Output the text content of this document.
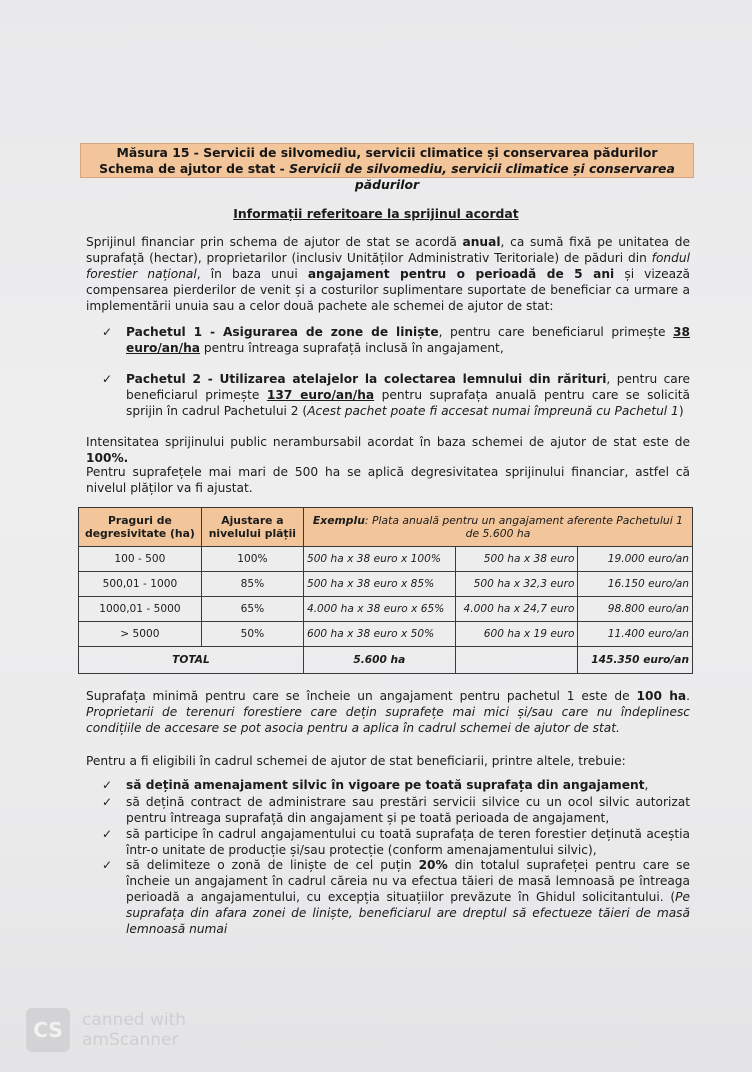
Măsura 15 - Servicii de silvomediu, servicii climatice și conservarea pădurilor
Schema de ajutor de stat - Servicii de silvomediu, servicii climatice și conservarea pădurilor
Informații referitoare la sprijinul acordat
Sprijinul financiar prin schema de ajutor de stat se acordă anual, ca sumă fixă pe unitatea de suprafață (hectar), proprietarilor (inclusiv Unităților Administrativ Teritoriale) de păduri din fondul forestier național, în baza unui angajament pentru o perioadă de 5 ani și vizează compensarea pierderilor de venit și a costurilor suplimentare suportate de beneficiar ca urmare a implementării unuia sau a celor două pachete ale schemei de ajutor de stat:
✓	Pachetul 1 - Asigurarea de zone de liniște, pentru care beneficiarul primește 38 euro/an/ha pentru întreaga suprafață inclusă în angajament,
✓	Pachetul 2 - Utilizarea atelajelor la colectarea lemnului din rărituri, pentru care beneficiarul primește 137 euro/an/ha pentru suprafața anuală pentru care se solicită sprijin în cadrul Pachetului 2 (Acest pachet poate fi accesat numai împreună cu Pachetul 1)
Intensitatea sprijinului public nerambursabil acordat în baza schemei de ajutor de stat este de 100%.
Pentru suprafețele mai mari de 500 ha se aplică degresivitatea sprijinului financiar, astfel că nivelul plăților va fi ajustat.
Praguri de degresivitate (ha)	Ajustare a nivelului plății	Exemplu: Plata anuală pentru un angajament aferente Pachetului 1 de 5.600 ha		
100 - 500	100%	500 ha x 38 euro x 100%	500 ha x 38 euro	19.000 euro/an
500,01 - 1000	85%	500 ha x 38 euro x 85%	500 ha x 32,3 euro	16.150 euro/an
1000,01 - 5000	65%	4.000 ha x 38 euro x 65%	4.000 ha x 24,7 euro	98.800 euro/an
> 5000	50%	600 ha x 38 euro x 50%	600 ha x 19 euro	11.400 euro/an
TOTAL		5.600 ha		145.350 euro/an
Suprafața minimă pentru care se încheie un angajament pentru pachetul 1 este de 100 ha. Proprietarii de terenuri forestiere care dețin suprafețe mai mici și/sau care nu îndeplinesc condițiile de accesare se pot asocia pentru a aplica în cadrul schemei de ajutor de stat.
Pentru a fi eligibili în cadrul schemei de ajutor de stat beneficiarii, printre altele, trebuie:
✓	să dețină amenajament silvic în vigoare pe toată suprafața din angajament,
✓	să dețină contract de administrare sau prestări servicii silvice cu un ocol silvic autorizat pentru întreaga suprafață din angajament și pe toată perioada de angajament,
✓	să participe în cadrul angajamentului cu toată suprafața de teren forestier deținută aceștia într-o unitate de producție și/sau protecție (conform amenajamentului silvic),
✓	să delimiteze o zonă de liniște de cel puțin 20% din totalul suprafeței pentru care se încheie un angajament în cadrul căreia nu va efectua tăieri de masă lemnoasă pe întreaga perioadă a angajamentului, cu excepția situațiilor prevăzute în Ghidul solicitantului. (Pe suprafața din afara zonei de liniște, beneficiarul are dreptul să efectueze tăieri de masă lemnoasă numai
CS	canned with
amScanner
